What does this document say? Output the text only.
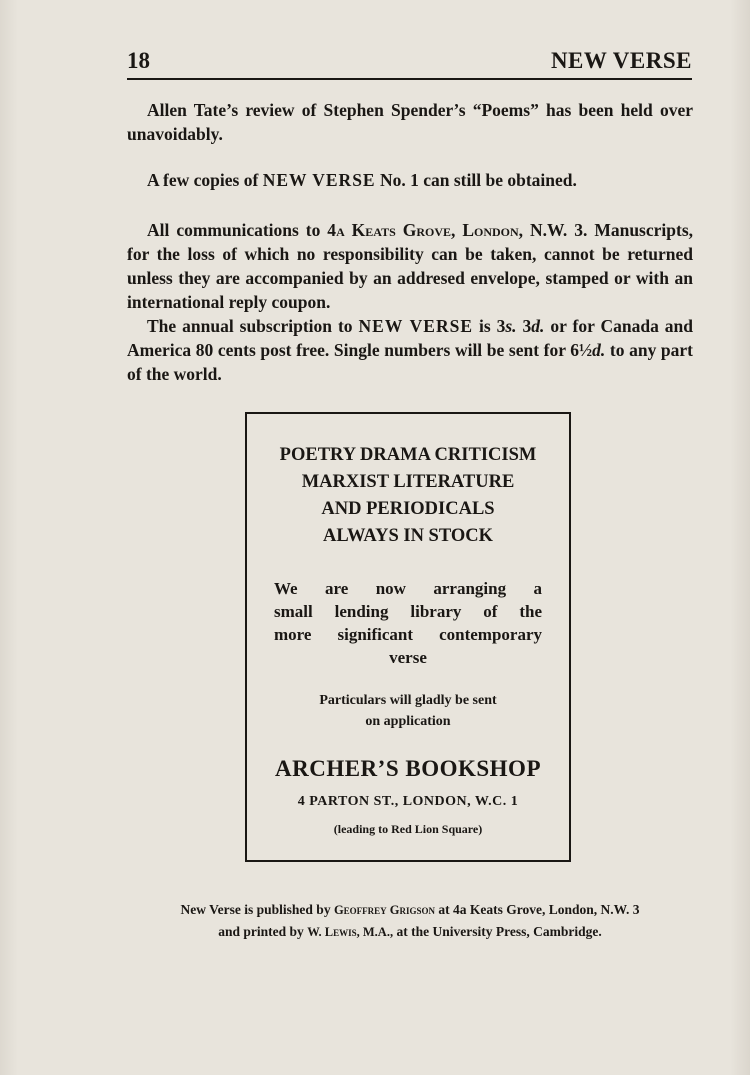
18	NEW VERSE
Allen Tate’s review of Stephen Spender’s “Poems” has been held over unavoidably.
A few copies of NEW VERSE No. 1 can still be obtained.
All communications to 4a Keats Grove, London, N.W. 3. Manuscripts, for the loss of which no responsibility can be taken, cannot be returned unless they are accompanied by an addresed envelope, stamped or with an international reply coupon.
The annual subscription to NEW VERSE is 3s. 3d. or for Canada and America 80 cents post free. Single numbers will be sent for 6½d. to any part of the world.
POETRY DRAMA CRITICISM
MARXIST LITERATURE
AND PERIODICALS
ALWAYS IN STOCK
We are now arranging a
small lending library of the
more significant contemporary
verse
Particulars will gladly be sent
on application
ARCHER’S BOOKSHOP
4 PARTON ST., LONDON, W.C. 1
(leading to Red Lion Square)
New Verse is published by Geoffrey Grigson at 4a Keats Grove, London, N.W. 3
and printed by W. Lewis, M.A., at the University Press, Cambridge.
